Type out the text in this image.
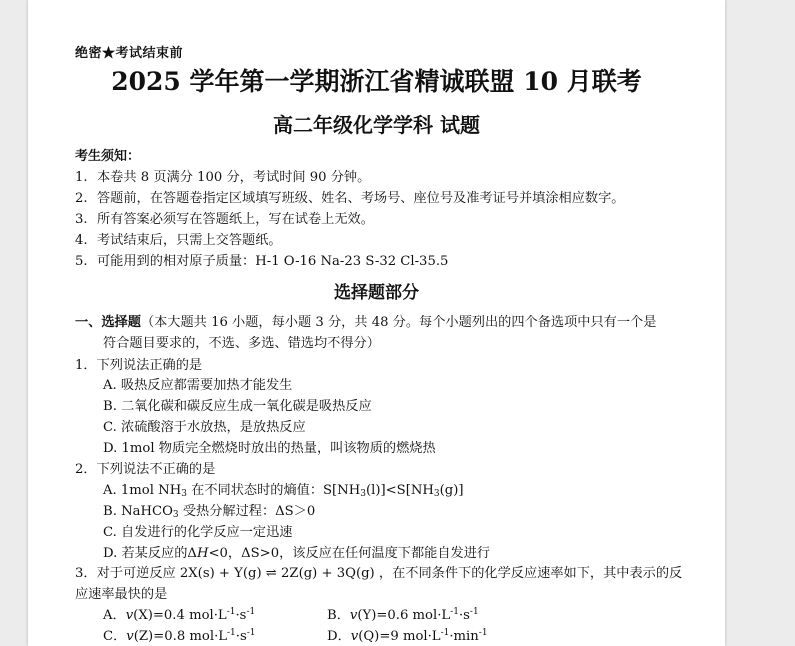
绝密★考试结束前
2025 学年第一学期浙江省精诚联盟 10 月联考
高二年级化学学科 试题
考生须知：
1. 本卷共 8 页满分 100 分，考试时间 90 分钟。
2. 答题前，在答题卷指定区域填写班级、姓名、考场号、座位号及准考证号并填涂相应数字。
3. 所有答案必须写在答题纸上，写在试卷上无效。
4. 考试结束后，只需上交答题纸。
5. 可能用到的相对原子质量：H-1 O-16 Na-23 S-32 Cl-35.5
选择题部分
一、选择题（本大题共 16 小题，每小题 3 分，共 48 分。每个小题列出的四个备选项中只有一个是
符合题目要求的，不选、多选、错选均不得分）
1．下列说法正确的是
A. 吸热反应都需要加热才能发生
B. 二氧化碳和碳反应生成一氧化碳是吸热反应
C. 浓硫酸溶于水放热，是放热反应
D. 1mol 物质完全燃烧时放出的热量，叫该物质的燃烧热
2．下列说法不正确的是
A. 1mol $NH_3$ 在不同状态时的熵值：$S[NH_3(l)]<S[NH_3(g)]$
B. NaHCO$_3$ 受热分解过程：ΔS＞0
C. 自发进行的化学反应一定迅速
D. 若某反应的ΔH<0，ΔS>0，该反应在任何温度下都能自发进行
3．对于可逆反应 2X(s) + Y(g) ⇌ 2Z(g) + 3Q(g) ，在不同条件下的化学反应速率如下，其中表示的反
应速率最快的是
A．v(X)=0.4 $mol\cdot L^{-1}\cdot s^{-1}$	B．v(Y)=0.6 $mol\cdot L^{-1}\cdot s^{-1}$
C．v(Z)=0.8 $mol\cdot L^{-1}\cdot s^{-1}$	D．v(Q)=9 $mol\cdot L^{-1}\cdot\min^{-1}$
